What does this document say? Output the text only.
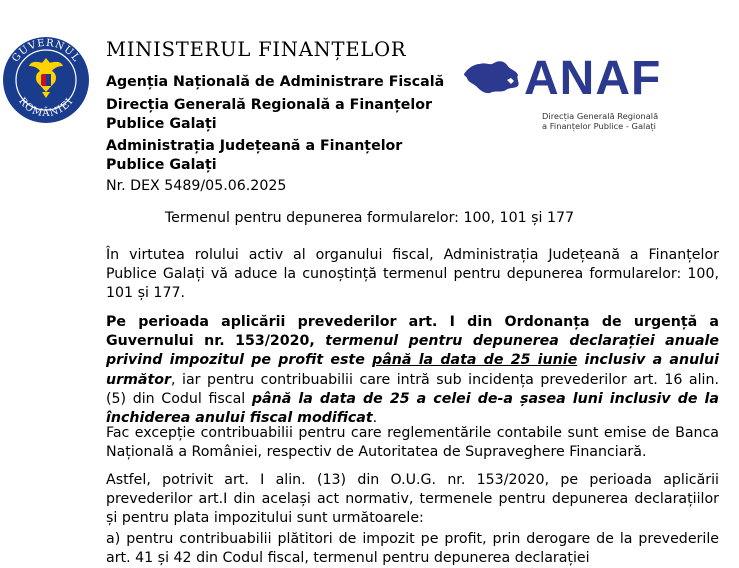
GUVERNUL
ROMÂNIEI
MINISTERUL FINANȚELOR
Agenția Națională de Administrare Fiscală
Direcția Generală Regională a Finanțelor
Publice Galați
Administrația Județeană a Finanțelor
Publice Galați
Nr. DEX 5489/05.06.2025
ANAF
Direcția Generală Regională
a Finanțelor Publice - Galați
Termenul pentru depunerea formularelor: 100, 101 și 177

În virtutea rolului activ al organului fiscal, Administrația Județeană a Finanțelor Publice Galați vă aduce la cunoștință termenul pentru depunerea formularelor: 100, 101 și 177.

Pe perioada aplicării prevederilor art. I din Ordonanța de urgență a Guvernului nr. 153/2020, termenul pentru depunerea declarației anuale privind impozitul pe profit este până la data de 25 iunie inclusiv a anului următor, iar pentru contribuabilii care intră sub incidența prevederilor art. 16 alin. (5) din Codul fiscal până la data de 25 a celei de-a șasea luni inclusiv de la închiderea anului fiscal modificat.

Fac excepție contribuabilii pentru care reglementările contabile sunt emise de Banca Națională a României, respectiv de Autoritatea de Supraveghere Financiară.

Astfel, potrivit art. I alin. (13) din O.U.G. nr. 153/2020, pe perioada aplicării prevederilor art.I din același act normativ, termenele pentru depunerea declarațiilor și pentru plata impozitului sunt următoarele:

a) pentru contribuabilii plătitori de impozit pe profit, prin derogare de la prevederile art. 41 și 42 din Codul fiscal, termenul pentru depunerea declarației
